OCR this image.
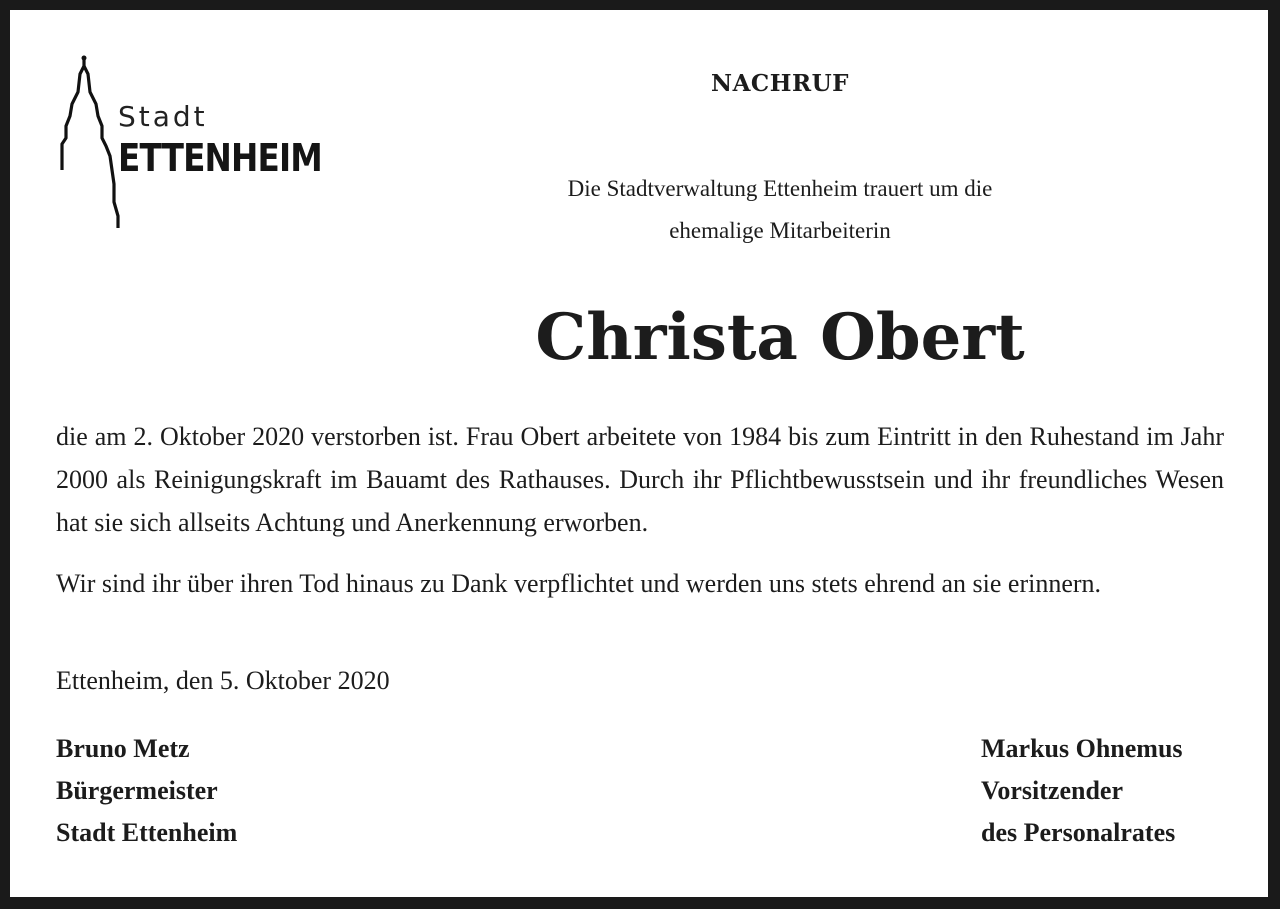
Stadt
ETTENHEIM
NACHRUF
Die Stadtverwaltung Ettenheim trauert um die
ehemalige Mitarbeiterin
Christa Obert

die am 2. Oktober 2020 verstorben ist. Frau Obert arbeitete von 1984 bis zum Eintritt in den Ruhestand im Jahr 2000 als Reinigungskraft im Bauamt des Rathauses. Durch ihr Pflichtbewusstsein und ihr freundliches Wesen hat sie sich allseits Achtung und Anerkennung erworben.

Wir sind ihr über ihren Tod hinaus zu Dank verpflichtet und werden uns stets ehrend an sie erinnern.

Ettenheim, den 5. Oktober 2020
Bruno Metz
Bürgermeister
Stadt Ettenheim
Markus Ohnemus
Vorsitzender
des Personalrates
